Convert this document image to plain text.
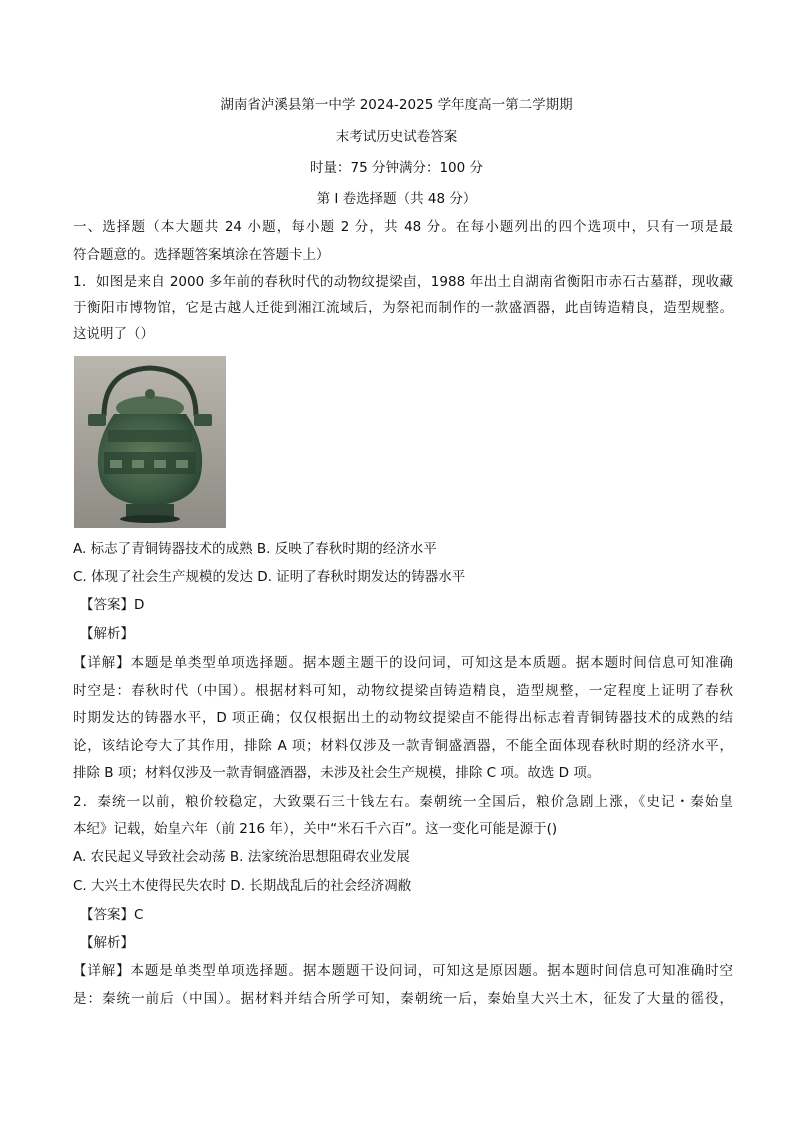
湖南省泸溪县第一中学 2024-2025 学年度高一第二学期期
末考试历史试卷答案
时量：75 分钟满分：100 分
第 I 卷选择题（共 48 分）
一、选择题（本大题共 24 小题，每小题 2 分，共 48 分。在每小题列出的四个选项中，只有一项是最
符合题意的。选择题答案填涂在答题卡上）
1．如图是来自 2000 多年前的春秋时代的动物纹提梁卣，1988 年出土自湖南省衡阳市赤石古墓群，现收藏
于衡阳市博物馆，它是古越人迁徙到湘江流域后，为祭祀而制作的一款盛酒器，此卣铸造精良，造型规整。
这说明了（）
A. 标志了青铜铸器技术的成熟 B. 反映了春秋时期的经济水平
C. 体现了社会生产规模的发达 D. 证明了春秋时期发达的铸器水平
【答案】D
【解析】
【详解】本题是单类型单项选择题。据本题主题干的设问词，可知这是本质题。据本题时间信息可知准确
时空是：春秋时代（中国）。根据材料可知，动物纹提梁卣铸造精良，造型规整，一定程度上证明了春秋
时期发达的铸器水平，D 项正确；仅仅根据出土的动物纹提梁卣不能得出标志着青铜铸器技术的成熟的结
论，该结论夸大了其作用，排除 A 项；材料仅涉及一款青铜盛酒器，不能全面体现春秋时期的经济水平，
排除 B 项；材料仅涉及一款青铜盛酒器，未涉及社会生产规模，排除 C 项。故选 D 项。
2．秦统一以前，粮价较稳定，大致粟石三十钱左右。秦朝统一全国后，粮价急剧上涨，《史记・秦始皇
本纪》记载，始皇六年（前 216 年），关中“米石千六百”。这一变化可能是源于()
A. 农民起义导致社会动荡 B. 法家统治思想阻碍农业发展
C. 大兴土木使得民失农时 D. 长期战乱后的社会经济凋敝
【答案】C
【解析】
【详解】本题是单类型单项选择题。据本题题干设问词，可知这是原因题。据本题时间信息可知准确时空
是：秦统一前后（中国）。据材料并结合所学可知，秦朝统一后，秦始皇大兴土木，征发了大量的徭役，
